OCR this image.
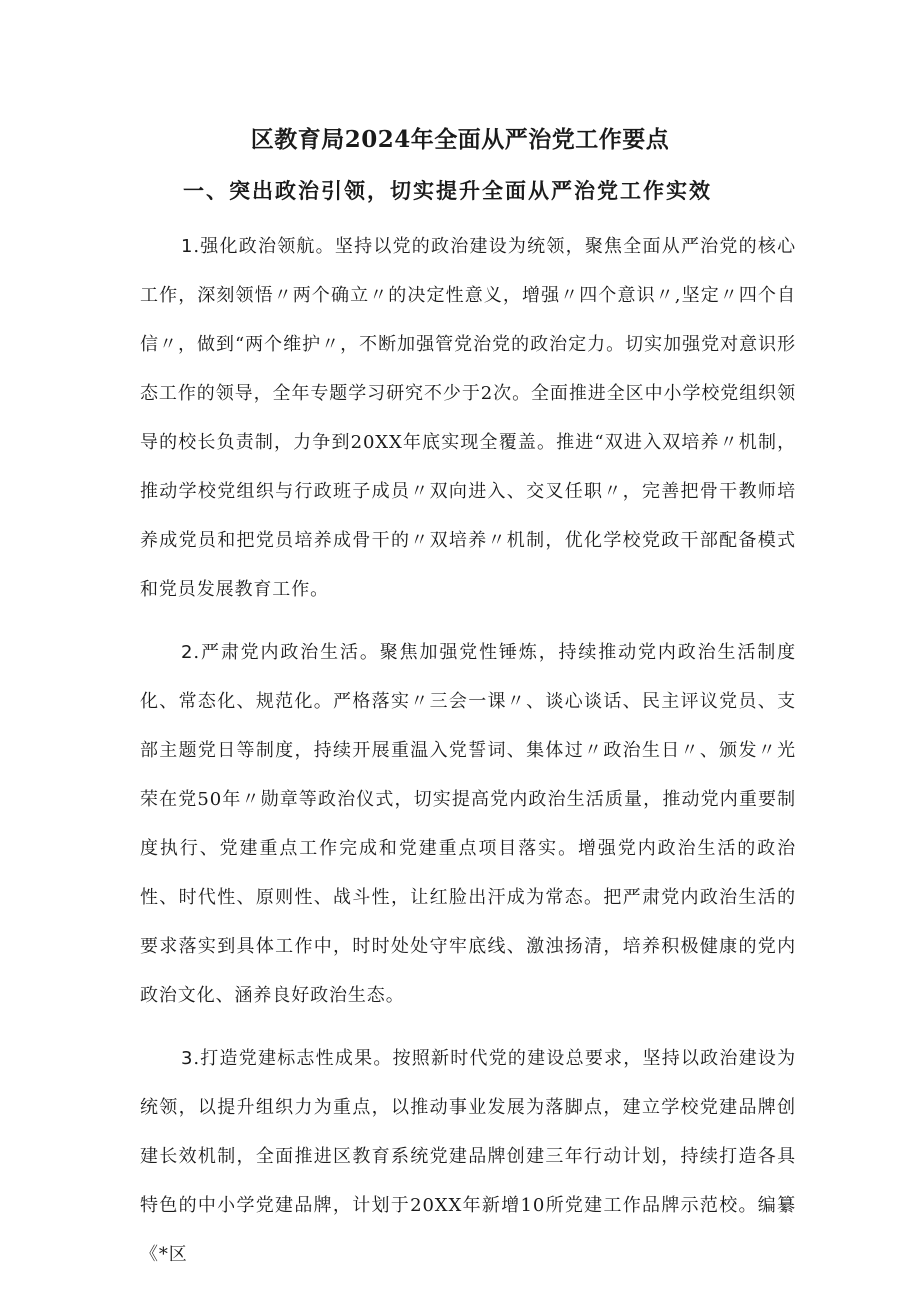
区教育局2024年全面从严治党工作要点
一、突出政治引领，切实提升全面从严治党工作实效

1.强化政治领航。坚持以党的政治建设为统领，聚焦全面从严治党的核心工作，深刻领悟〃两个确立〃的决定性意义，增强〃四个意识〃,坚定〃四个自信〃，做到“两个维护〃，不断加强管党治党的政治定力。切实加强党对意识形态工作的领导，全年专题学习研究不少于2次。全面推进全区中小学校党组织领导的校长负责制，力争到20XX年底实现全覆盖。推进“双进入双培养〃机制，推动学校党组织与行政班子成员〃双向进入、交叉任职〃，完善把骨干教师培养成党员和把党员培养成骨干的〃双培养〃机制，优化学校党政干部配备模式和党员发展教育工作。

2.严肃党内政治生活。聚焦加强党性锤炼，持续推动党内政治生活制度化、常态化、规范化。严格落实〃三会一课〃、谈心谈话、民主评议党员、支部主题党日等制度，持续开展重温入党誓词、集体过〃政治生日〃、颁发〃光荣在党50年〃勋章等政治仪式，切实提高党内政治生活质量，推动党内重要制度执行、党建重点工作完成和党建重点项目落实。增强党内政治生活的政治性、时代性、原则性、战斗性，让红脸出汗成为常态。把严肃党内政治生活的要求落实到具体工作中，时时处处守牢底线、激浊扬清，培养积极健康的党内政治文化、涵养良好政治生态。

3.打造党建标志性成果。按照新时代党的建设总要求，坚持以政治建设为统领，以提升组织力为重点，以推动事业发展为落脚点，建立学校党建品牌创建长效机制，全面推进区教育系统党建品牌创建三年行动计划，持续打造各具特色的中小学党建品牌，计划于20XX年新增10所党建工作品牌示范校。编纂《*区
